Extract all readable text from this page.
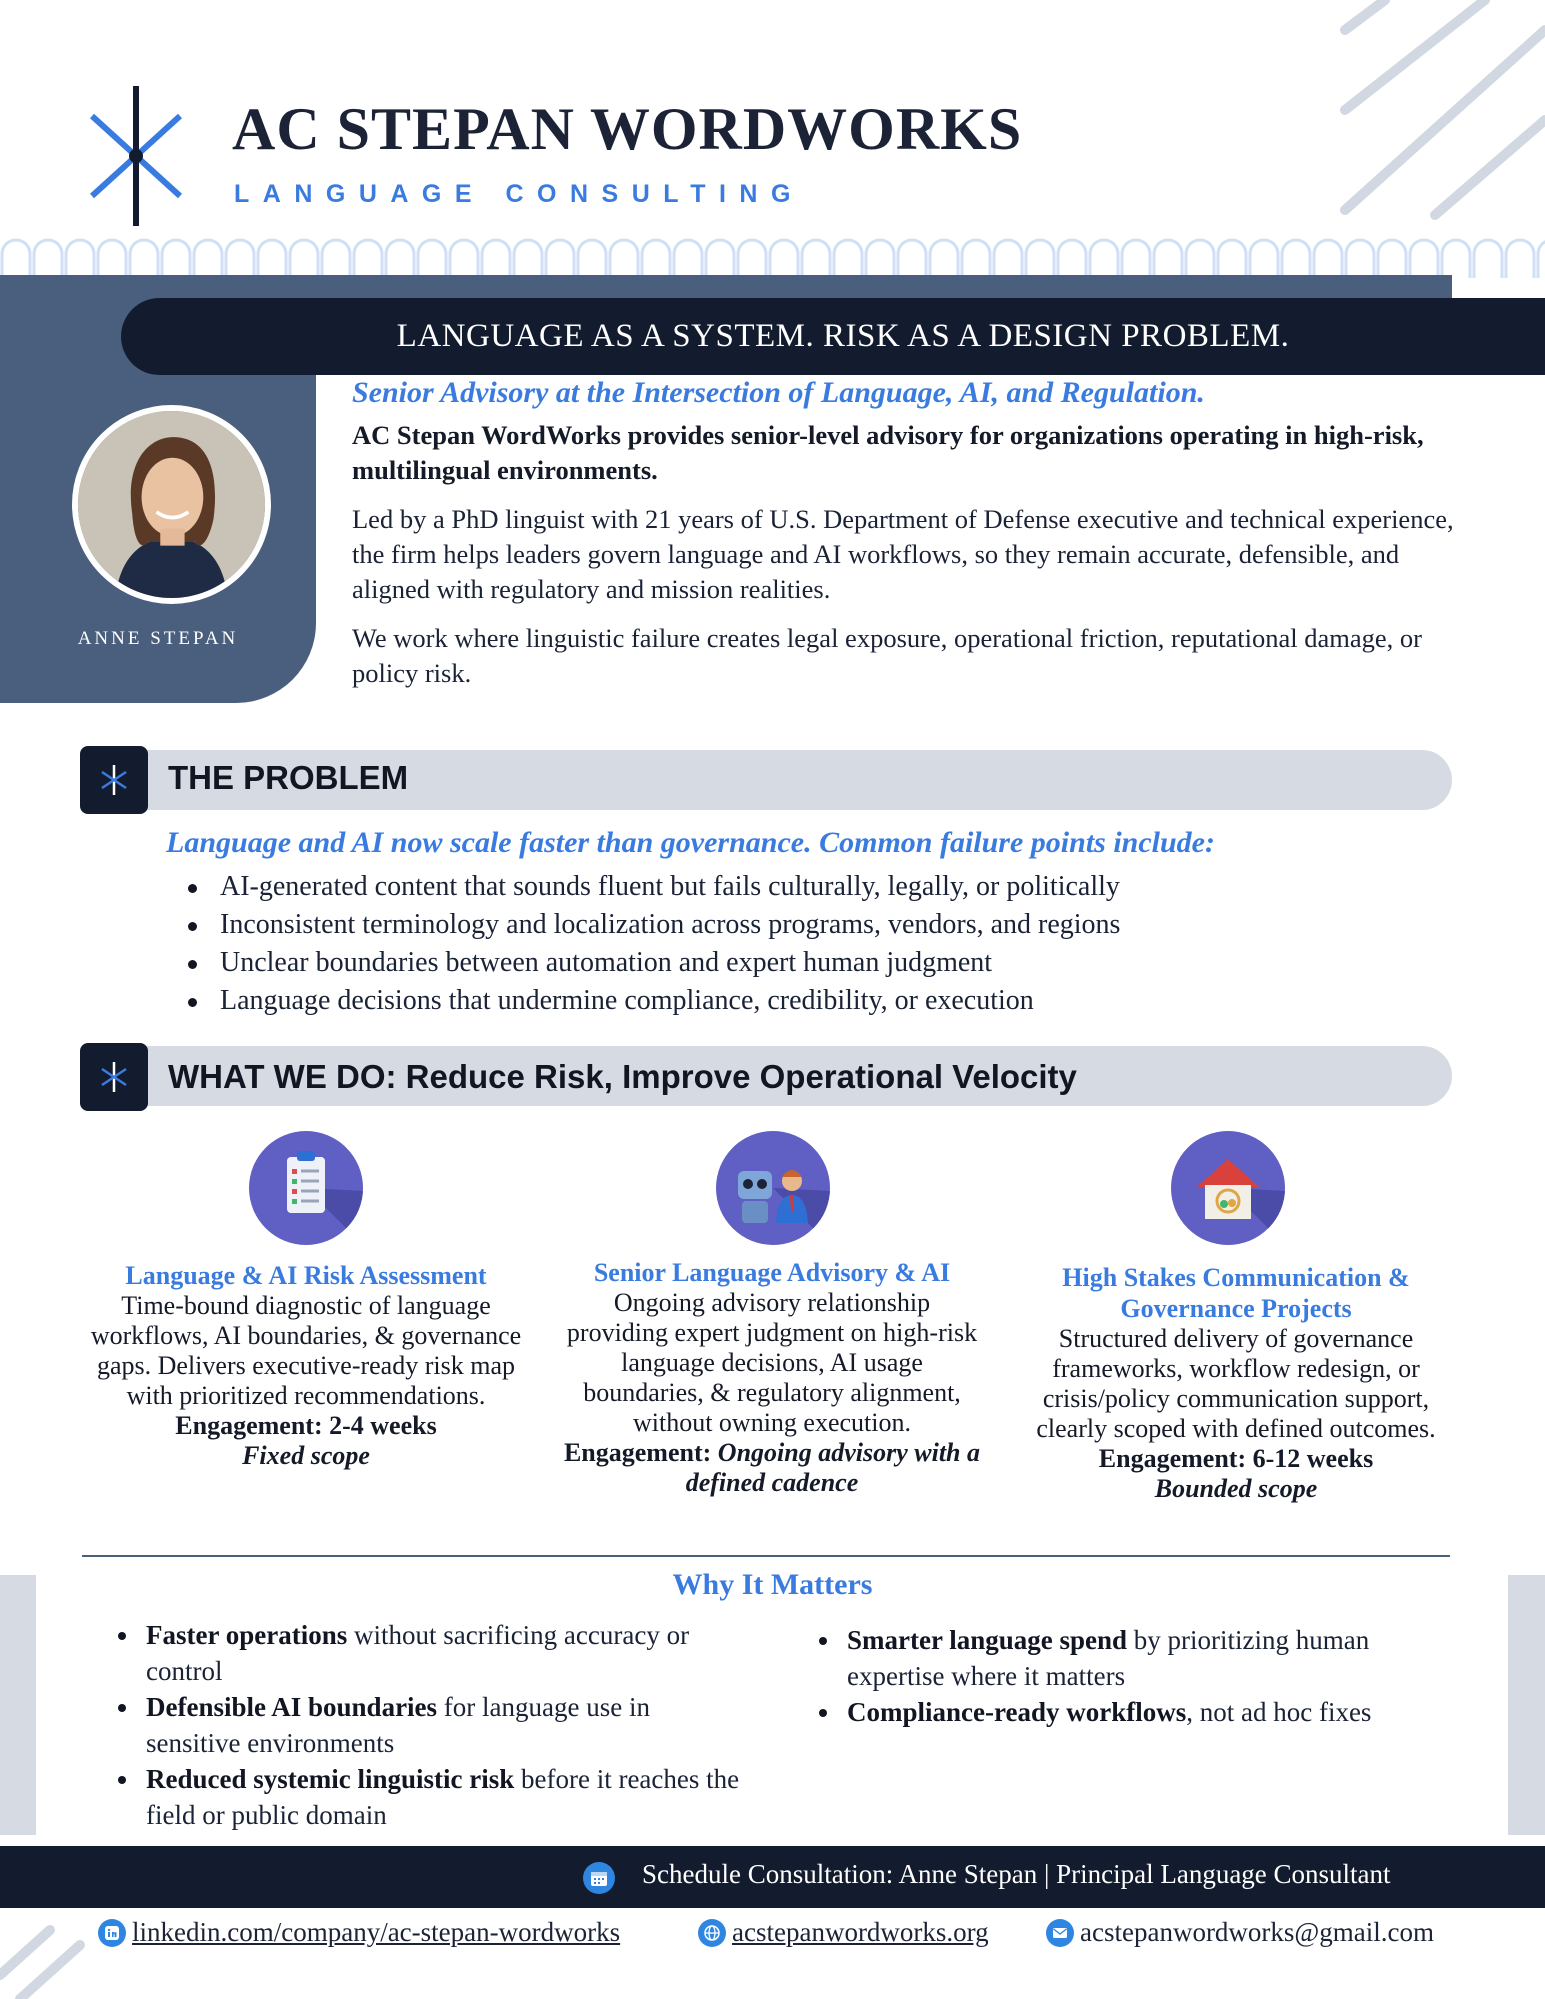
AC STEPAN WORDWORKS
LANGUAGE CONSULTING
LANGUAGE AS A SYSTEM. RISK AS A DESIGN PROBLEM.
ANNE STEPAN
Senior Advisory at the Intersection of Language, AI, and Regulation.
AC Stepan WordWorks provides senior-level advisory for organizations operating in high-risk, multilingual environments.
Led by a PhD linguist with 21 years of U.S. Department of Defense executive and technical experience, the firm helps leaders govern language and AI workflows, so they remain accurate, defensible, and aligned with regulatory and mission realities.
We work where linguistic failure creates legal exposure, operational friction, reputational damage, or policy risk.
THE PROBLEM
Language and AI now scale faster than governance. Common failure points include:
AI-generated content that sounds fluent but fails culturally, legally, or politically
Inconsistent terminology and localization across programs, vendors, and regions
Unclear boundaries between automation and expert human judgment
Language decisions that undermine compliance, credibility, or execution
WHAT WE DO: Reduce Risk, Improve Operational Velocity
Language & AI Risk Assessment
Time-bound diagnostic of language workflows, AI boundaries, & governance gaps. Delivers executive-ready risk map with prioritized recommendations.
Engagement: 2-4 weeks
Fixed scope
Senior Language Advisory & AI
Ongoing advisory relationship providing expert judgment on high-risk language decisions, AI usage boundaries, & regulatory alignment, without owning execution.
Engagement: Ongoing advisory with a defined cadence
High Stakes Communication & Governance Projects
Structured delivery of governance frameworks, workflow redesign, or crisis/policy communication support, clearly scoped with defined outcomes.
Engagement: 6-12 weeks
Bounded scope
Why It Matters
Faster operations without sacrificing accuracy or control
Defensible AI boundaries for language use in sensitive environments
Reduced systemic linguistic risk before it reaches the field or public domain
Smarter language spend by prioritizing human expertise where it matters
Compliance-ready workflows, not ad hoc fixes
Schedule Consultation: Anne Stepan | Principal Language Consultant
linkedin.com/company/ac-stepan-wordworks	acstepanwordworks.org	acstepanwordworks@gmail.com
